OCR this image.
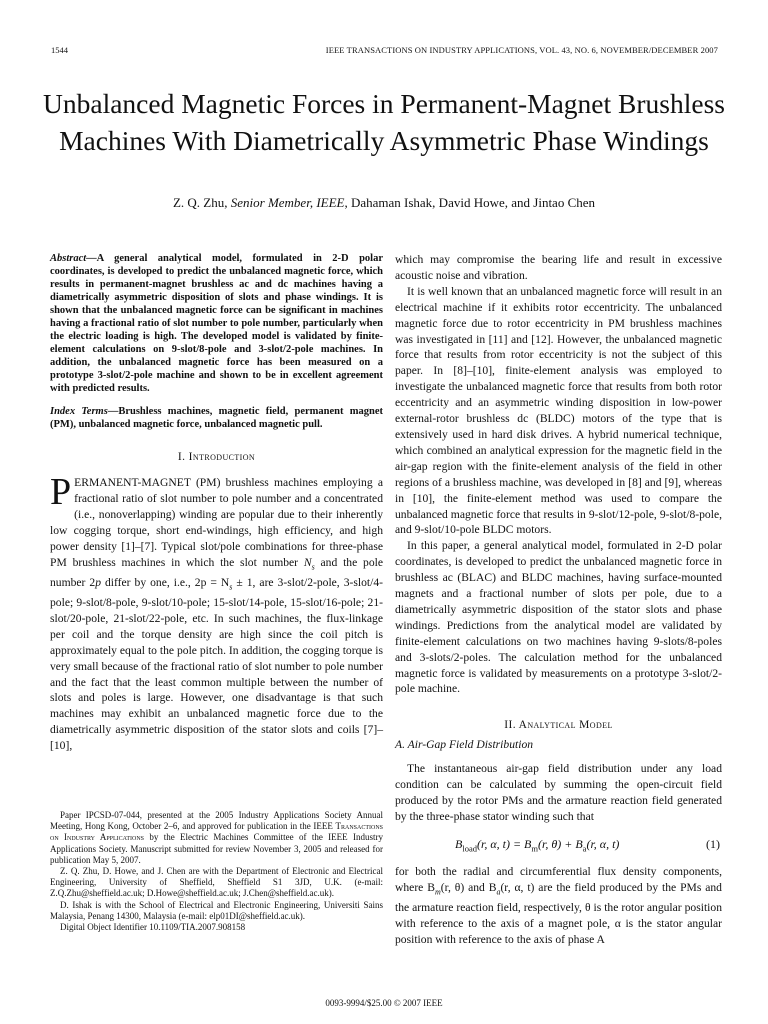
1544	IEEE TRANSACTIONS ON INDUSTRY APPLICATIONS, VOL. 43, NO. 6, NOVEMBER/DECEMBER 2007
Unbalanced Magnetic Forces in Permanent-Magnet Brushless Machines With Diametrically Asymmetric Phase Windings
Z. Q. Zhu, Senior Member, IEEE, Dahaman Ishak, David Howe, and Jintao Chen

Abstract—A general analytical model, formulated in 2-D polar coordinates, is developed to predict the unbalanced magnetic force, which results in permanent-magnet brushless ac and dc machines having a diametrically asymmetric disposition of slots and phase windings. It is shown that the unbalanced magnetic force can be significant in machines having a fractional ratio of slot number to pole number, particularly when the electric loading is high. The developed model is validated by finite-element calculations on 9-slot/8-pole and 3-slot/2-pole machines. In addition, the unbalanced magnetic force has been measured on a prototype 3-slot/2-pole machine and shown to be in excellent agreement with predicted results.

Index Terms—Brushless machines, magnetic field, permanent magnet (PM), unbalanced magnetic force, unbalanced magnetic pull.

I. Introduction

PERMANENT-MAGNET (PM) brushless machines employing a fractional ratio of slot number to pole number and a concentrated (i.e., nonoverlapping) winding are popular due to their inherently low cogging torque, short end-windings, high efficiency, and high power density [1]–[7]. Typical slot/pole combinations for three-phase PM brushless machines in which the slot number $N_s$ and the pole number 2p differ by one, i.e., $2p = N_s \pm 1$, are 3-slot/2-pole, 3-slot/4-pole; 9-slot/8-pole, 9-slot/10-pole; 15-slot/14-pole, 15-slot/16-pole; 21-slot/20-pole, 21-slot/22-pole, etc. In such machines, the flux-linkage per coil and the torque density are high since the coil pitch is approximately equal to the pole pitch. In addition, the cogging torque is very small because of the fractional ratio of slot number to pole number and the fact that the least common multiple between the number of slots and poles is large. However, one disadvantage is that such machines may exhibit an unbalanced magnetic force due to the diametrically asymmetric disposition of the stator slots and coils [7]–[10],

Paper IPCSD-07-044, presented at the 2005 Industry Applications Society Annual Meeting, Hong Kong, October 2–6, and approved for publication in the IEEE Transactions on Industry Applications by the Electric Machines Committee of the IEEE Industry Applications Society. Manuscript submitted for review November 3, 2005 and released for publication May 5, 2007.

Z. Q. Zhu, D. Howe, and J. Chen are with the Department of Electronic and Electrical Engineering, University of Sheffield, Sheffield S1 3JD, U.K. (e-mail: Z.Q.Zhu@sheffield.ac.uk; D.Howe@sheffield.ac.uk; J.Chen@sheffield.ac.uk).

D. Ishak is with the School of Electrical and Electronic Engineering, Universiti Sains Malaysia, Penang 14300, Malaysia (e-mail: elp01DI@sheffield.ac.uk).

Digital Object Identifier 10.1109/TIA.2007.908158

which may compromise the bearing life and result in excessive acoustic noise and vibration.

It is well known that an unbalanced magnetic force will result in an electrical machine if it exhibits rotor eccentricity. The unbalanced magnetic force due to rotor eccentricity in PM brushless machines was investigated in [11] and [12]. However, the unbalanced magnetic force that results from rotor eccentricity is not the subject of this paper. In [8]–[10], finite-element analysis was employed to investigate the unbalanced magnetic force that results from both rotor eccentricity and an asymmetric winding disposition in low-power external-rotor brushless dc (BLDC) motors of the type that is extensively used in hard disk drives. A hybrid numerical technique, which combined an analytical expression for the magnetic field in the air-gap region with the finite-element analysis of the field in other regions of a brushless machine, was developed in [8] and [9], whereas in [10], the finite-element method was used to compare the unbalanced magnetic force that results in 9-slot/12-pole, 9-slot/8-pole, and 9-slot/10-pole BLDC motors.

In this paper, a general analytical model, formulated in 2-D polar coordinates, is developed to predict the unbalanced magnetic force in brushless ac (BLAC) and BLDC machines, having surface-mounted magnets and a fractional number of slots per pole, due to a diametrically asymmetric disposition of the stator slots and phase windings. Predictions from the analytical model are validated by finite-element calculations on two machines having 9-slots/8-poles and 3-slots/2-poles. The calculation method for the unbalanced magnetic force is validated by measurements on a prototype 3-slot/2-pole machine.

II. Analytical Model

A. Air-Gap Field Distribution

The instantaneous air-gap field distribution under any load condition can be calculated by summing the open-circuit field produced by the rotor PMs and the armature reaction field generated by the three-phase stator winding such that

$B_{load}(r$, α, $t) = B_m(r$, $\theta) + B_a(r$, α, t)	(1)

for both the radial and circumferential flux density components, where $B_m(r$, θ) and $B_a(r$, α, t) are the field produced by the PMs and the armature reaction field, respectively, θ is the rotor angular position with reference to the axis of a magnet pole, α is the stator angular position with reference to the axis of phase A

0093-9994/$25.00 © 2007 IEEE
